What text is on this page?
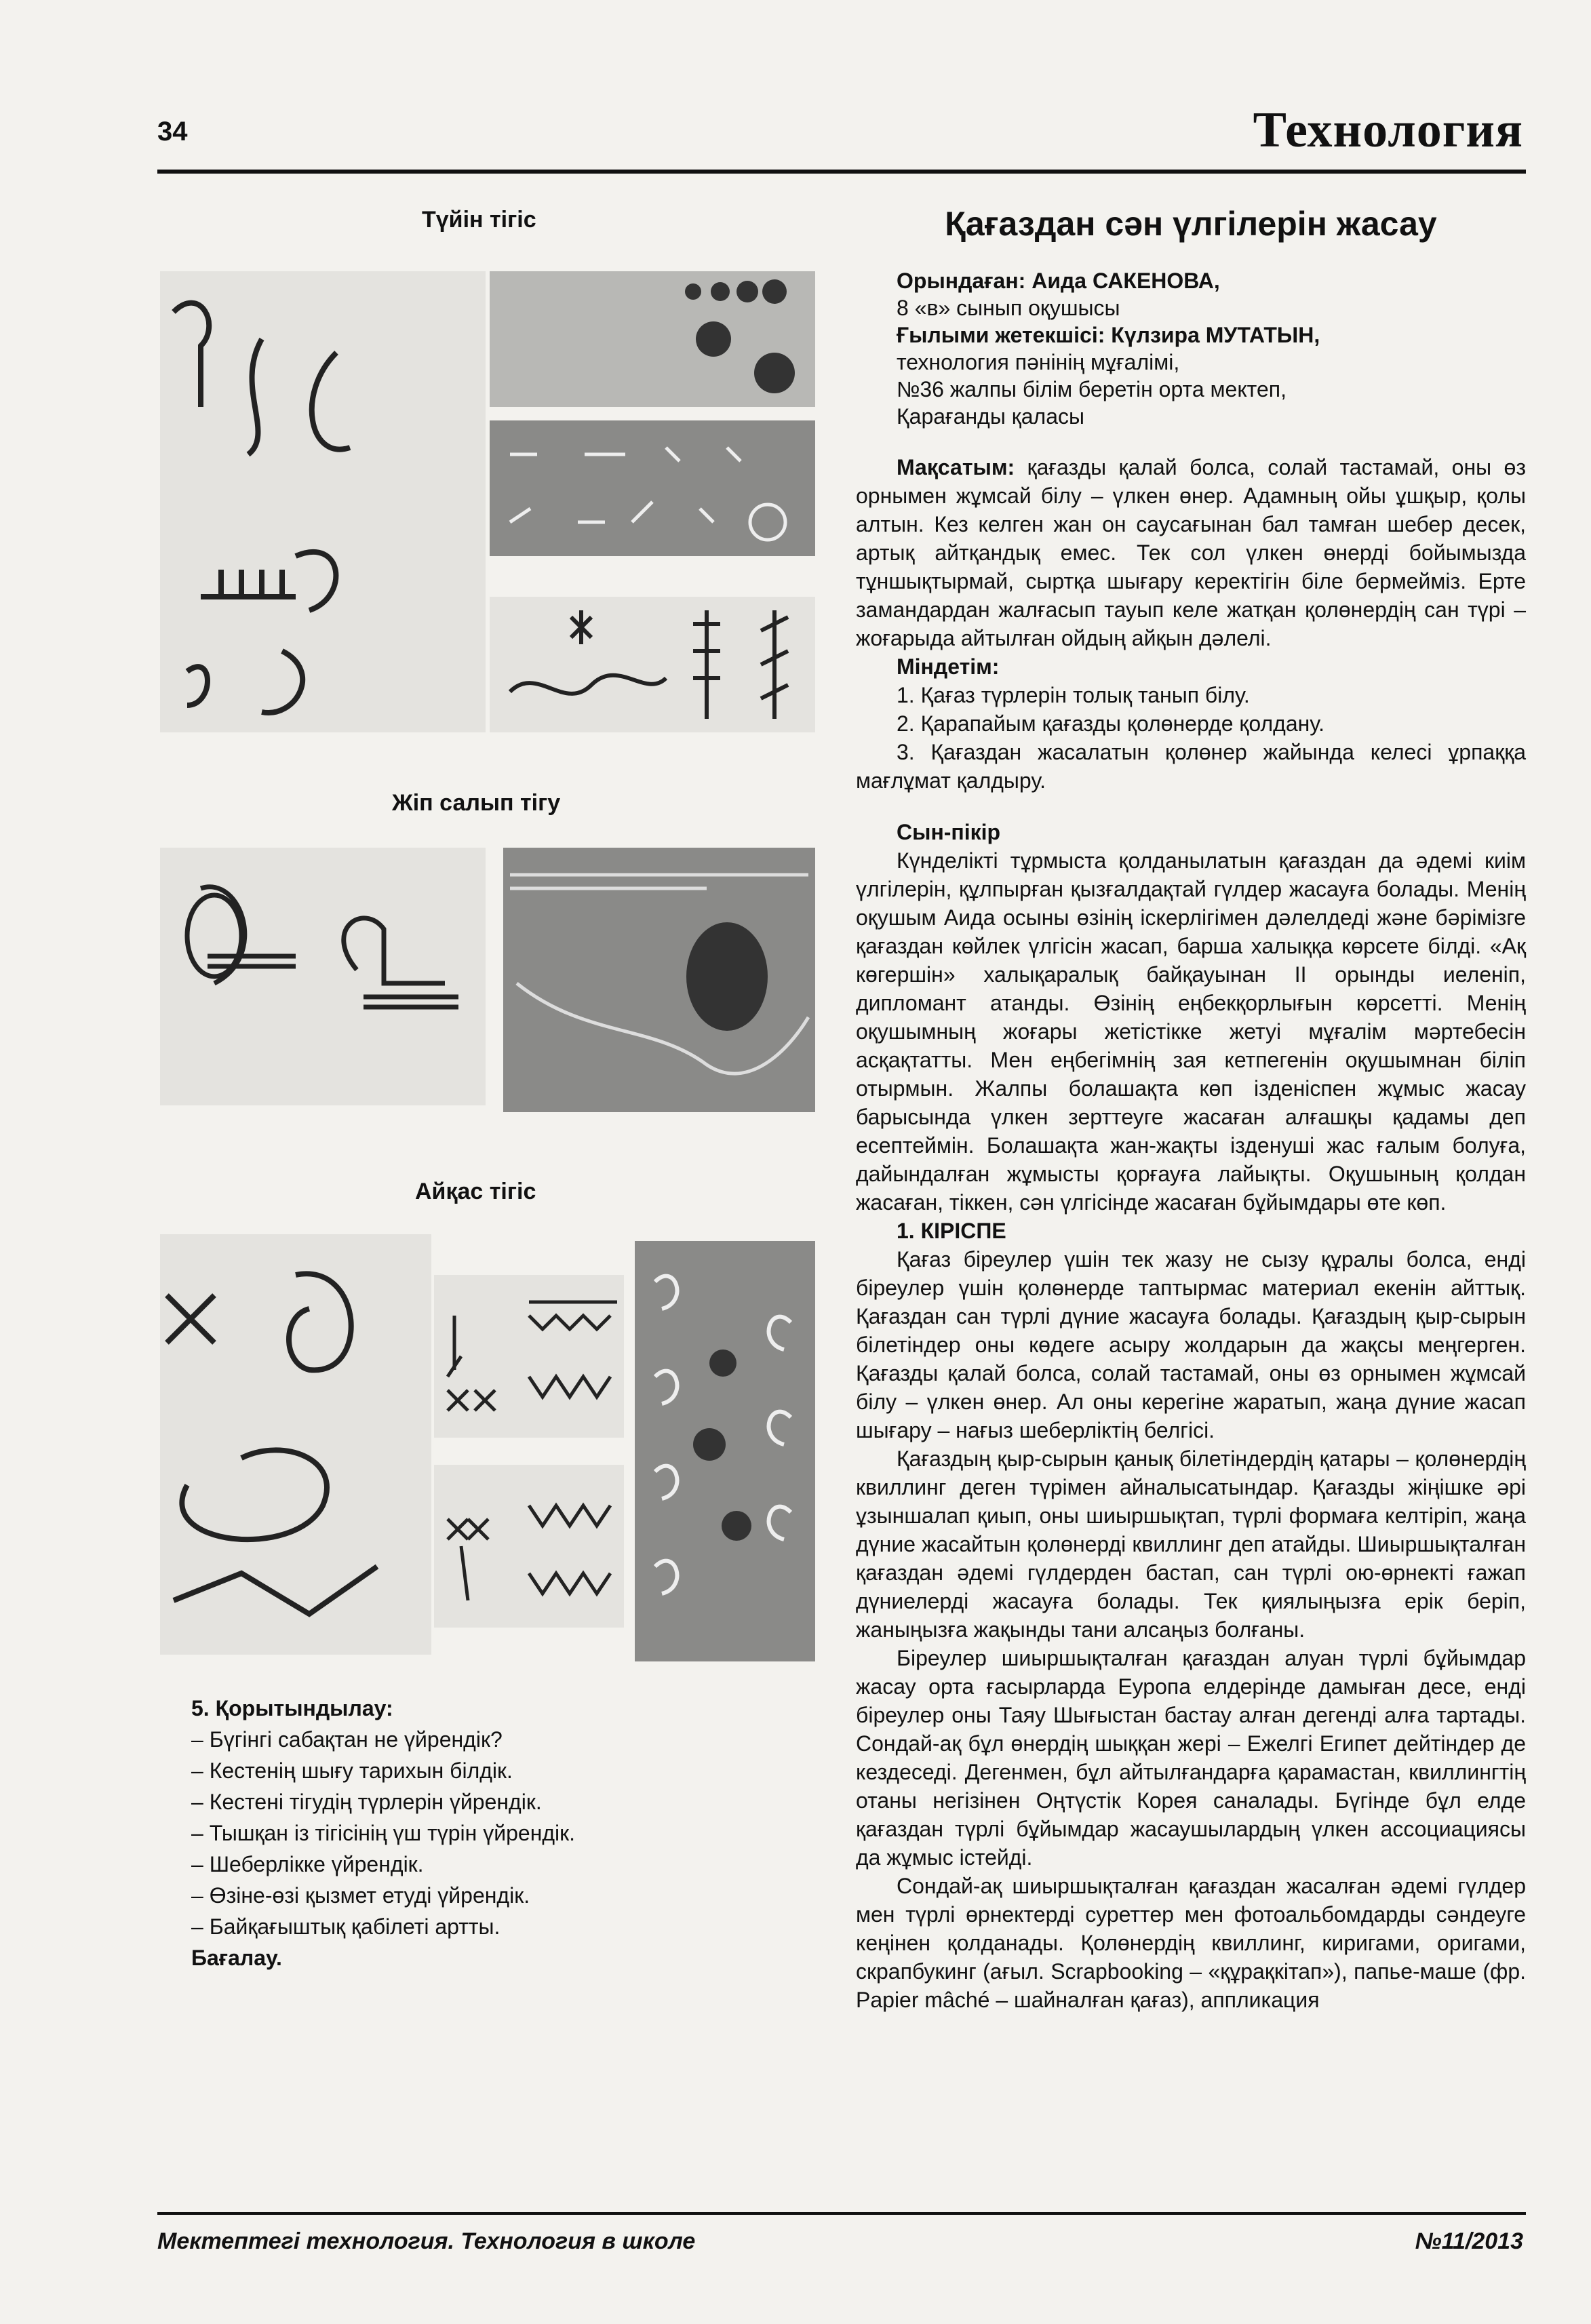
34	Технология
Түйін тігіс
Жіп салып тігу
Айқас тігіс
5. Қорытындылау:
– Бүгінгі сабақтан не үйрендік?
– Кестенің шығу тарихын білдік.
– Кестені тігудің түрлерін үйрендік.
– Тышқан із тігісінің үш түрін үйрендік.
– Шеберлікке үйрендік.
– Өзіне-өзі қызмет етуді үйрендік.
– Байқағыштық қабілеті артты.
Бағалау.
Қағаздан сән үлгілерін жасау
Орындаған: Аида САКЕНОВА,
8 «в» сынып оқушысы
Ғылыми жетекшісі: Күлзира МУТАТЫН,
технология пәнінің мұғалімі,
№36 жалпы білім беретін орта мектеп,
Қарағанды қаласы

Мақсатым: қағазды қалай болса, солай тастамай, оны өз орнымен жұмсай білу – үлкен өнер. Адамның ойы ұшқыр, қолы алтын. Кез келген жан он саусағынан бал тамған шебер десек, артық айтқандық емес. Тек сол үлкен өнерді бойымызда тұншықтырмай, сыртқа шығару керектігін біле бермейміз. Ерте замандардан жалғасып тауып келе жатқан қолөнердің сан түрі – жоғарыда айтылған ойдың айқын дәлелі.

Міндетім:

1. Қағаз түрлерін толық танып білу.

2. Қарапайым қағазды қолөнерде қолдану.

3. Қағаздан жасалатын қолөнер жайында келесі ұрпаққа мағлұмат қалдыру.

Сын-пікір

Күнделікті тұрмыста қолданылатын қағаздан да әдемі киім үлгілерін, құлпырған қызғалдақтай гүлдер жасауға болады. Менің оқушым Аида осыны өзінің іскерлігімен дәлелдеді және бәрімізге қағаздан көйлек үлгісін жасап, барша халыққа көрсете білді. «Ақ көгершін» халықаралық байқауынан II орынды иеленіп, дипломант атанды. Өзінің еңбекқорлығын көрсетті. Менің оқушымның жоғары жетістікке жетуі мұғалім мәртебесін асқақтатты. Мен еңбегімнің зая кетпегенін оқушымнан біліп отырмын. Жалпы болашақта көп ізденіспен жұмыс жасау барысында үлкен зерттеуге жасаған алғашқы қадамы деп есептеймін. Болашақта жан-жақты ізденуші жас ғалым болуға, дайындалған жұмысты қорғауға лайықты. Оқушының қолдан жасаған, тіккен, сән үлгісінде жасаған бұйымдары өте көп.

1. КІРІСПЕ

Қағаз біреулер үшін тек жазу не сызу құралы болса, енді біреулер үшін қолөнерде таптырмас материал екенін айттық. Қағаздан сан түрлі дүние жасауға болады. Қағаздың қыр-сырын білетіндер оны көдеге асыру жолдарын да жақсы меңгерген. Қағазды қалай болса, солай тастамай, оны өз орнымен жұмсай білу – үлкен өнер. Ал оны керегіне жаратып, жаңа дүние жасап шығару – нағыз шеберліктің белгісі.

Қағаздың қыр-сырын қанық білетіндердің қатары – қолөнердің квиллинг деген түрімен айналысатындар. Қағазды жіңішке әрі ұзыншалап қиып, оны шиыршықтап, түрлі формаға келтіріп, жаңа дүние жасайтын қолөнерді квиллинг деп атайды. Шиыршықталған қағаздан әдемі гүлдерден бастап, сан түрлі ою-өрнекті ғажап дүниелерді жасауға болады. Тек қиялыңызға ерік беріп, жаныңызға жақынды тани алсаңыз болғаны.

Біреулер шиыршықталған қағаздан алуан түрлі бұйымдар жасау орта ғасырларда Еуропа елдерінде дамыған десе, енді біреулер оны Таяу Шығыстан бастау алған дегенді алға тартады. Сондай-ақ бұл өнердің шыққан жері – Ежелгі Египет дейтіндер де кездеседі. Дегенмен, бұл айтылғандарға қарамастан, квиллингтің отаны негізінен Оңтүстік Корея саналады. Бүгінде бұл елде қағаздан түрлі бұйымдар жасаушылардың үлкен ассоциациясы да жұмыс істейді.

Сондай-ақ шиыршықталған қағаздан жасалған әдемі гүлдер мен түрлі өрнектерді суреттер мен фотоальбомдарды сәндеуге кеңінен қолданады. Қолөнердің квиллинг, киригами, оригами, скрапбукинг (ағыл. Scrapbooking – «құрақкітап»), папье-маше (фр. Papier mâché – шайналған қағаз), аппликация

Мектептегі технология. Технология в школе	№11/2013
